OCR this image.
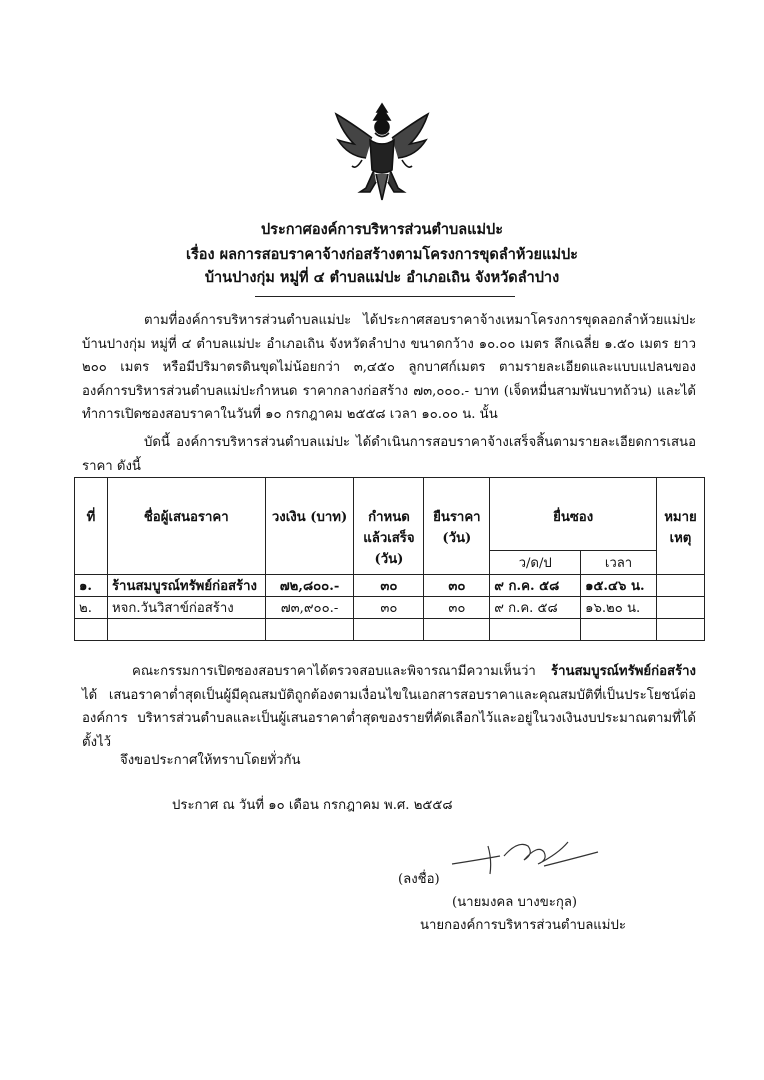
ประกาศองค์การบริหารส่วนตำบลแม่ปะ
เรื่อง ผลการสอบราคาจ้างก่อสร้างตามโครงการขุดลำห้วยแม่ปะ
บ้านปางกุ่ม หมู่ที่ ๔ ตำบลแม่ปะ อำเภอเถิน จังหวัดลำปาง
ตามที่องค์การบริหารส่วนตำบลแม่ปะ ได้ประกาศสอบราคาจ้างเหมาโครงการขุดลอกลำห้วยแม่ปะ บ้านปางกุ่ม หมู่ที่ ๔ ตำบลแม่ปะ อำเภอเถิน จังหวัดลำปาง ขนาดกว้าง ๑๐.๐๐ เมตร ลึกเฉลี่ย ๑.๕๐ เมตร ยาว ๒๐๐ เมตร หรือมีปริมาตรดินขุดไม่น้อยกว่า ๓,๔๕๐ ลูกบาศก์เมตร ตามรายละเอียดและแบบแปลนของ องค์การบริหารส่วนตำบลแม่ปะกำหนด ราคากลางก่อสร้าง ๗๓,๐๐๐.- บาท (เจ็ดหมื่นสามพันบาทถ้วน) และได้ ทำการเปิดซองสอบราคาในวันที่ ๑๐ กรกฎาคม ๒๕๕๘ เวลา ๑๐.๐๐ น. นั้น
บัดนี้ องค์การบริหารส่วนตำบลแม่ปะ ได้ดำเนินการสอบราคาจ้างเสร็จสิ้นตามรายละเอียดการเสนอราคา ดังนี้
ที่	ชื่อผู้เสนอราคา	วงเงิน (บาท)	กำหนด แล้วเสร็จ (วัน)	ยืนราคา (วัน)	ยื่นซอง		หมาย เหตุ
					ว/ด/ป	เวลา	
๑.	ร้านสมบูรณ์ทรัพย์ก่อสร้าง	๗๒,๘๐๐.-	๓๐	๓๐	๙ ก.ค. ๕๘	๑๕.๔๖ น.	
๒.	หจก.วันวิสาข์ก่อสร้าง	๗๓,๙๐๐.-	๓๐	๓๐	๙ ก.ค. ๕๘	๑๖.๒๐ น.	

คณะกรรมการเปิดซองสอบราคาได้ตรวจสอบและพิจารณามีความเห็นว่า ร้านสมบูรณ์ทรัพย์ก่อสร้าง ได้ เสนอราคาต่ำสุดเป็นผู้มีคุณสมบัติถูกต้องตามเงื่อนไขในเอกสารสอบราคาและคุณสมบัติที่เป็นประโยชน์ต่อองค์การ บริหารส่วนตำบลและเป็นผู้เสนอราคาต่ำสุดของรายที่คัดเลือกไว้และอยู่ในวงเงินงบประมาณตามที่ได้ตั้งไว้
จึงขอประกาศให้ทราบโดยทั่วกัน
ประกาศ ณ วันที่ ๑๐ เดือน กรกฎาคม พ.ศ. ๒๕๕๘
(ลงชื่อ)
(นายมงคล บางขะกุล)
นายกองค์การบริหารส่วนตำบลแม่ปะ
